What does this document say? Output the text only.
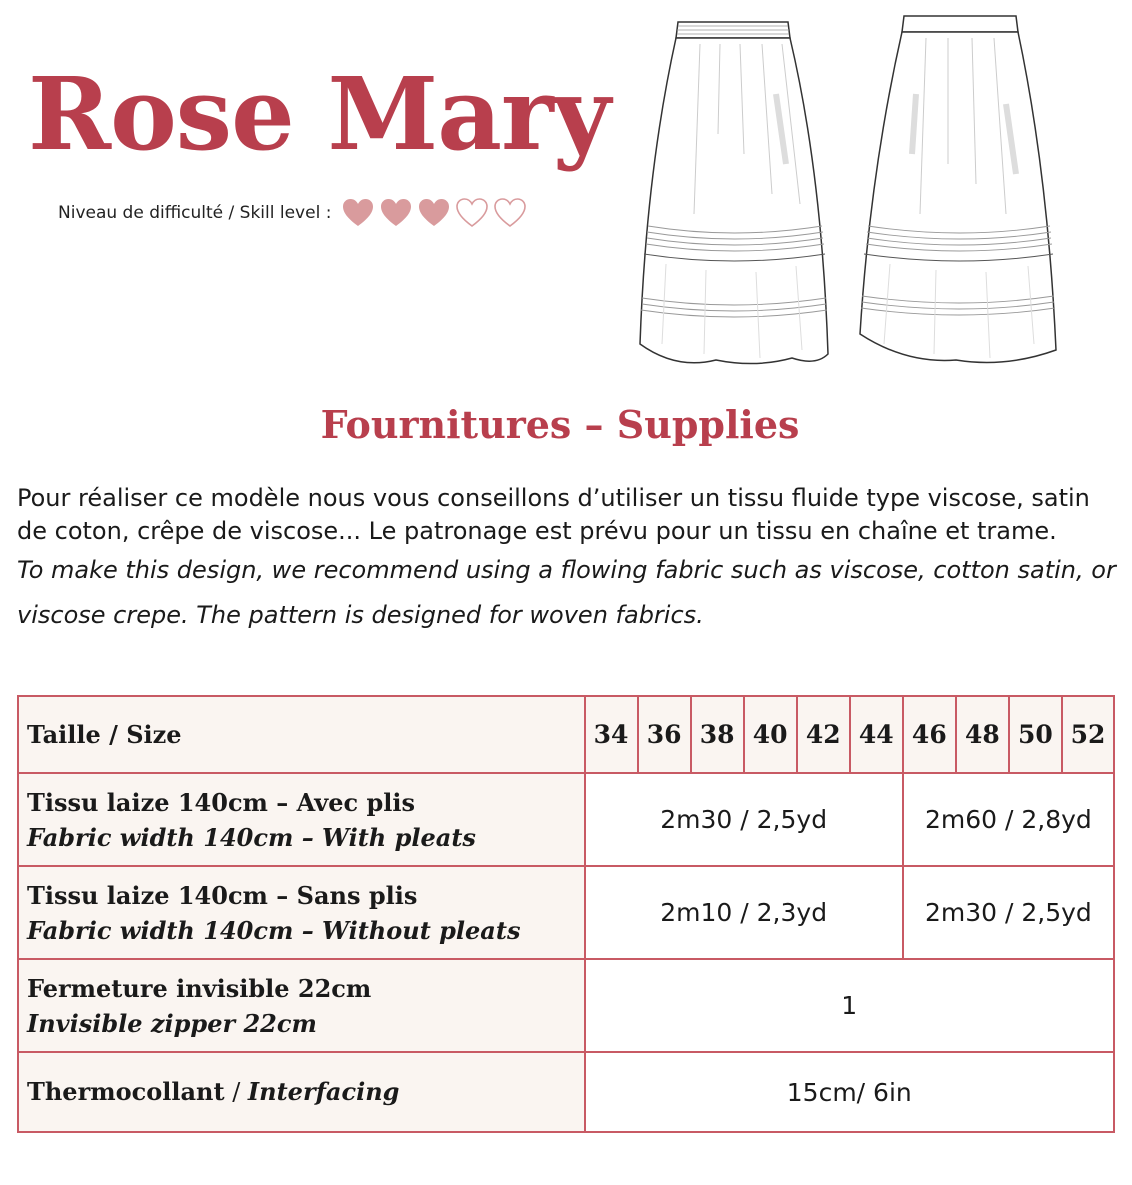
Rose Mary
Niveau de difficulté / Skill level :
Fournitures – Supplies

Pour réaliser ce modèle nous vous conseillons d’utiliser un tissu fluide type viscose, satin de coton, crêpe de viscose... Le patronage est prévu pour un tissu en chaîne et trame.

To make this design, we recommend using a flowing fabric such as viscose, cotton satin, or viscose crepe. The pattern is designed for woven fabrics.

Taille / Size	34	36	38	40	42	44	46	48	50	52

Tissu laize 140cm – Avec plis
Fabric width 140cm – With pleats	2m30 / 2,5yd						2m60 / 2,8yd			

Tissu laize 140cm – Sans plis
Fabric width 140cm – Without pleats	2m10 / 2,3yd						2m30 / 2,5yd			

Fermeture invisible 22cm
Invisible zipper 22cm	1									
Thermocollant / Interfacing	15cm/ 6in									
